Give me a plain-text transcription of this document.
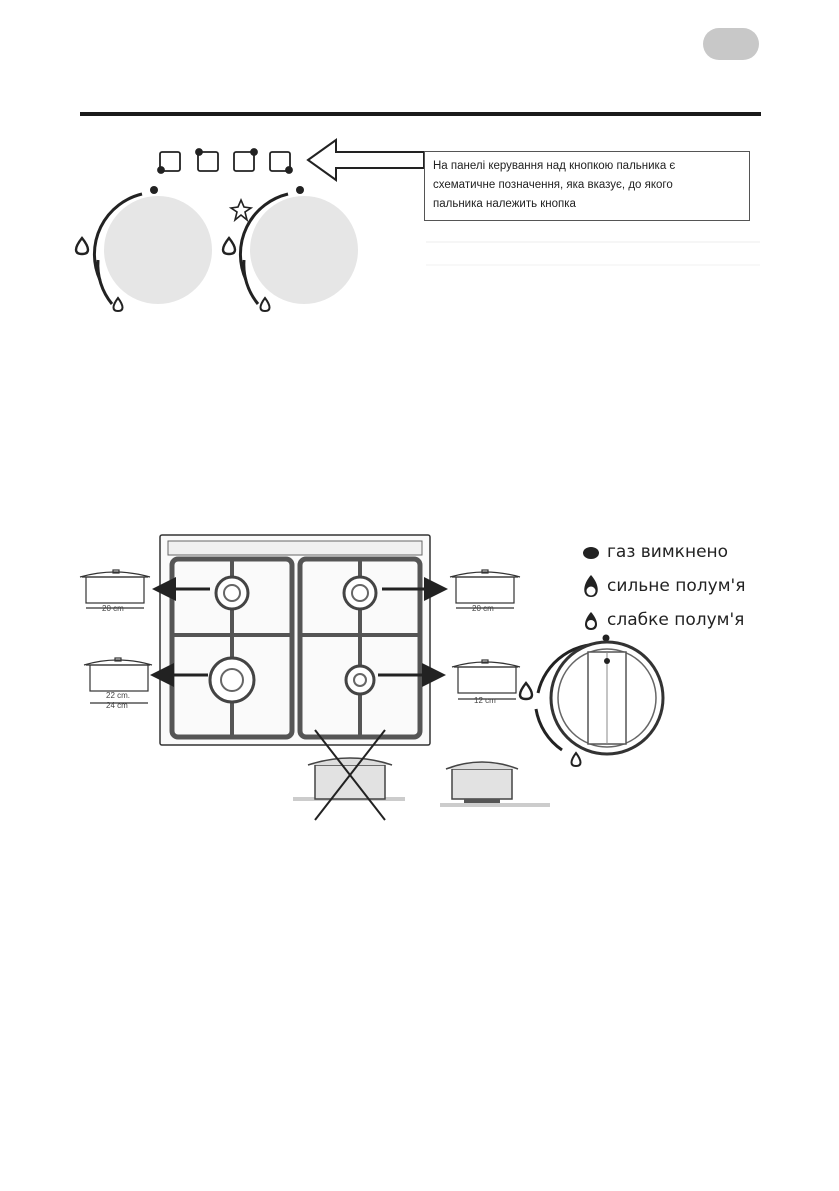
На панелі керування над кнопкою пальника є
схематичне позначення, яка вказує, до якого
пальника належить кнопка
20 cm	20 cm
22 cm.
24 cm
12 cm
газ вимкнено
сильне полум'я
слабке полум'я
